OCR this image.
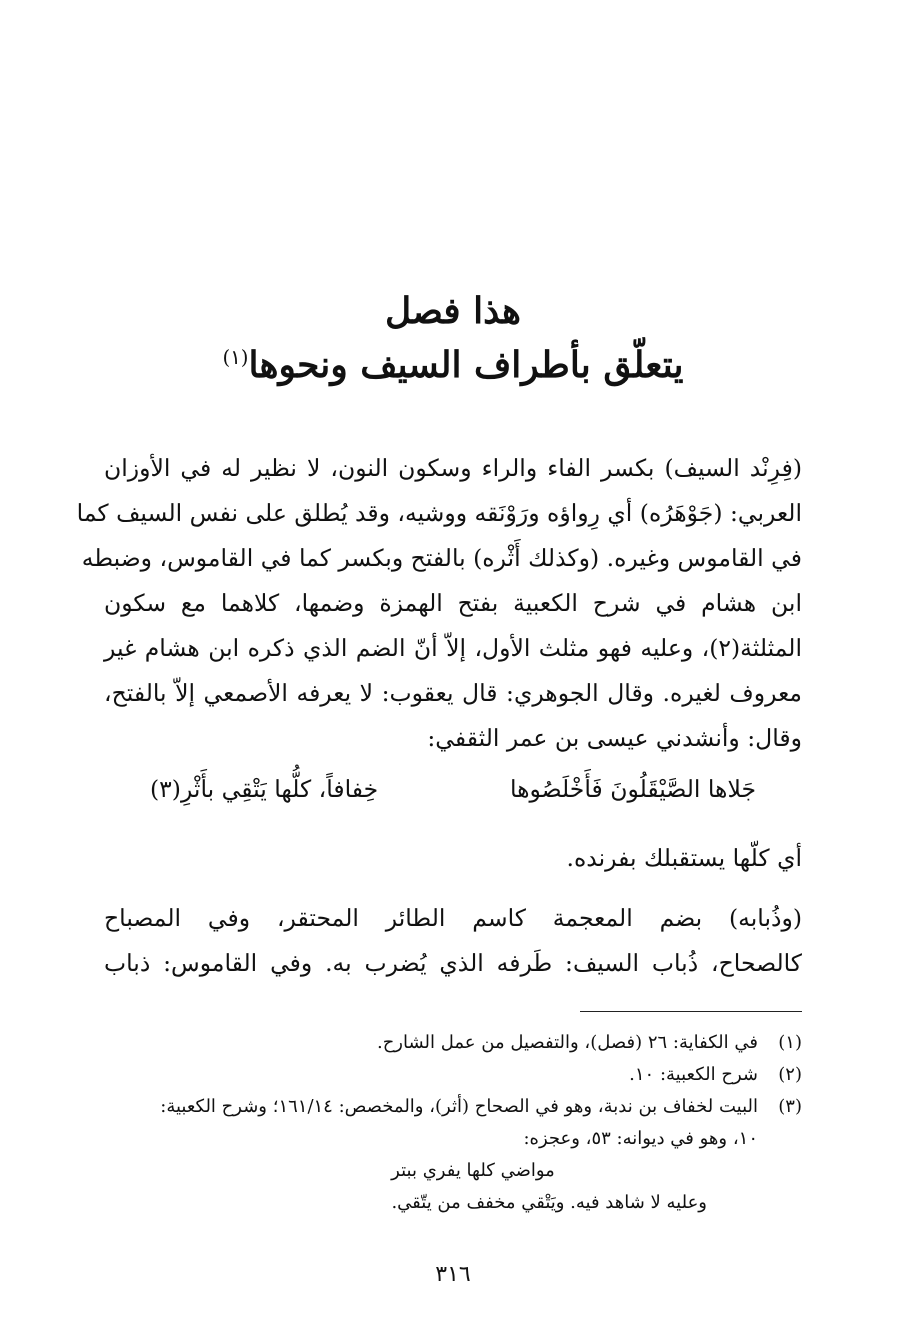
هذا فصل
يتعلّق بأطراف السيف ونحوها$^{(١)}$
(فِرِنْد السيف) بكسر الفاء والراء وسكون النون، لا نظير له في الأوزان
العربي: (جَوْهَرُه) أي رِواؤه ورَوْنَقه ووشيه، وقد يُطلق على نفس السيف كما
في القاموس وغيره. (وكذلك أَثْره) بالفتح وبكسر كما في القاموس، وضبطه
ابن هشام في شرح الكعبية بفتح الهمزة وضمها، كلاهما مع سكون
المثلثة(٢)، وعليه فهو مثلث الأول، إلاّ أنّ الضم الذي ذكره ابن هشام غير
معروف لغيره. وقال الجوهري: قال يعقوب: لا يعرفه الأصمعي إلاّ بالفتح،
وقال: وأنشدني عيسى بن عمر الثقفي:
جَلاها الصَّيْقَلُونَ فَأَخْلَصُوها
خِفافاً، كلُّها يَتْقِي بأَثْرِ(٣)
أي كلّها يستقبلك بفرنده.
(وذُبابه) بضم المعجمة كاسم الطائر المحتقر، وفي المصباح
كالصحاح، ذُباب السيف: طَرفه الذي يُضرب به. وفي القاموس: ذباب
(١)في الكفاية: ٢٦ (فصل)، والتفصيل من عمل الشارح.
(٢)شرح الكعبية: ١٠.
(٣)البيت لخفاف بن ندبة، وهو في الصحاح (أثر)، والمخصص: ١٦١/١٤؛ وشرح الكعبية:
١٠، وهو في ديوانه: ٥٣، وعجزه:
مواضي كلها يفري ببتر
وعليه لا شاهد فيه. ويَتْقي مخفف من يتّقي.
٣١٦
